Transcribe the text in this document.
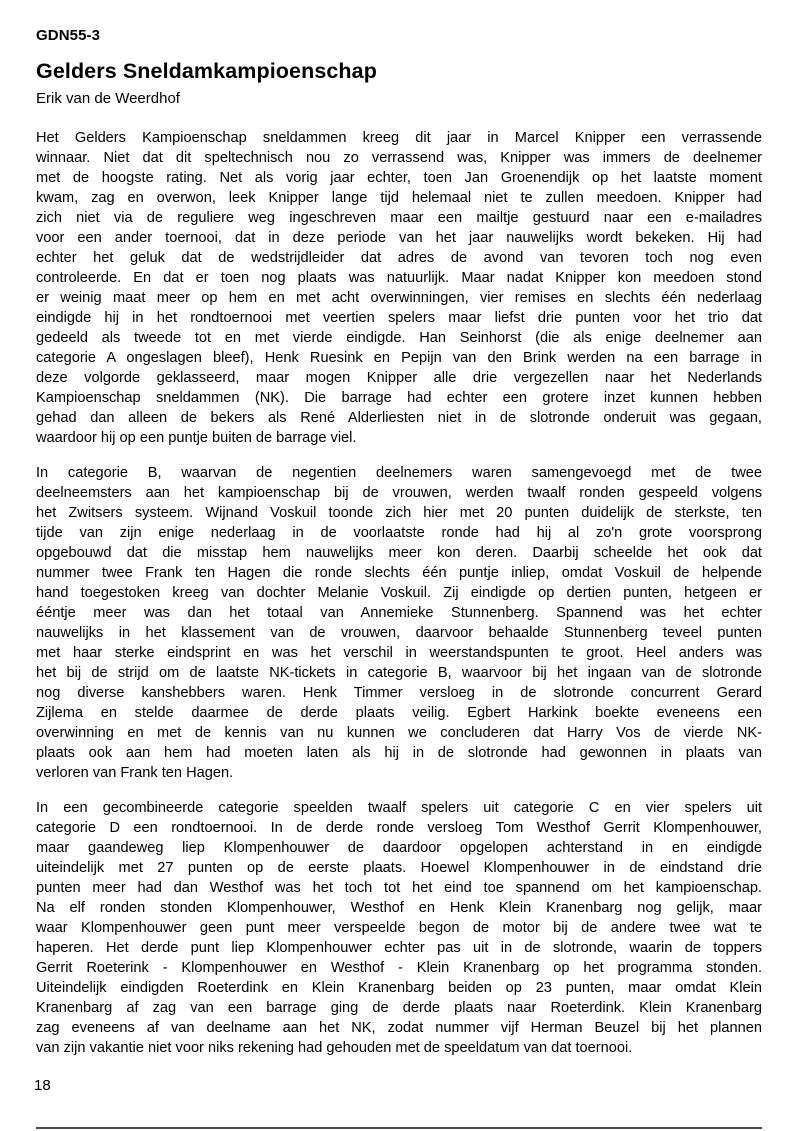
GDN55-3
Gelders Sneldamkampioenschap
Erik van de Weerdhof
Het Gelders Kampioenschap sneldammen kreeg dit jaar in Marcel Knipper een verrassende
winnaar. Niet dat dit speltechnisch nou zo verrassend was, Knipper was immers de deelnemer
met de hoogste rating. Net als vorig jaar echter, toen Jan Groenendijk op het laatste moment
kwam, zag en overwon, leek Knipper lange tijd helemaal niet te zullen meedoen. Knipper had
zich niet via de reguliere weg ingeschreven maar een mailtje gestuurd naar een e-mailadres
voor een ander toernooi, dat in deze periode van het jaar nauwelijks wordt bekeken. Hij had
echter het geluk dat de wedstrijdleider dat adres de avond van tevoren toch nog even
controleerde. En dat er toen nog plaats was natuurlijk. Maar nadat Knipper kon meedoen stond
er weinig maat meer op hem en met acht overwinningen, vier remises en slechts één nederlaag
eindigde hij in het rondtoernooi met veertien spelers maar liefst drie punten voor het trio dat
gedeeld als tweede tot en met vierde eindigde. Han Seinhorst (die als enige deelnemer aan
categorie A ongeslagen bleef), Henk Ruesink en Pepijn van den Brink werden na een barrage in
deze volgorde geklasseerd, maar mogen Knipper alle drie vergezellen naar het Nederlands
Kampioenschap sneldammen (NK). Die barrage had echter een grotere inzet kunnen hebben
gehad dan alleen de bekers als René Alderliesten niet in de slotronde onderuit was gegaan,
waardoor hij op een puntje buiten de barrage viel.
In categorie B, waarvan de negentien deelnemers waren samengevoegd met de twee
deelneemsters aan het kampioenschap bij de vrouwen, werden twaalf ronden gespeeld volgens
het Zwitsers systeem. Wijnand Voskuil toonde zich hier met 20 punten duidelijk de sterkste, ten
tijde van zijn enige nederlaag in de voorlaatste ronde had hij al zo'n grote voorsprong
opgebouwd dat die misstap hem nauwelijks meer kon deren. Daarbij scheelde het ook dat
nummer twee Frank ten Hagen die ronde slechts één puntje inliep, omdat Voskuil de helpende
hand toegestoken kreeg van dochter Melanie Voskuil. Zij eindigde op dertien punten, hetgeen er
ééntje meer was dan het totaal van Annemieke Stunnenberg. Spannend was het echter
nauwelijks in het klassement van de vrouwen, daarvoor behaalde Stunnenberg teveel punten
met haar sterke eindsprint en was het verschil in weerstandspunten te groot. Heel anders was
het bij de strijd om de laatste NK-tickets in categorie B, waarvoor bij het ingaan van de slotronde
nog diverse kanshebbers waren. Henk Timmer versloeg in de slotronde concurrent Gerard
Zijlema en stelde daarmee de derde plaats veilig. Egbert Harkink boekte eveneens een
overwinning en met de kennis van nu kunnen we concluderen dat Harry Vos de vierde NK-
plaats ook aan hem had moeten laten als hij in de slotronde had gewonnen in plaats van
verloren van Frank ten Hagen.
In een gecombineerde categorie speelden twaalf spelers uit categorie C en vier spelers uit
categorie D een rondtoernooi. In de derde ronde versloeg Tom Westhof Gerrit Klompenhouwer,
maar gaandeweg liep Klompenhouwer de daardoor opgelopen achterstand in en eindigde
uiteindelijk met 27 punten op de eerste plaats. Hoewel Klompenhouwer in de eindstand drie
punten meer had dan Westhof was het toch tot het eind toe spannend om het kampioenschap.
Na elf ronden stonden Klompenhouwer, Westhof en Henk Klein Kranenbarg nog gelijk, maar
waar Klompenhouwer geen punt meer verspeelde begon de motor bij de andere twee wat te
haperen. Het derde punt liep Klompenhouwer echter pas uit in de slotronde, waarin de toppers
Gerrit Roeterink - Klompenhouwer en Westhof - Klein Kranenbarg op het programma stonden.
Uiteindelijk eindigden Roeterdink en Klein Kranenbarg beiden op 23 punten, maar omdat Klein
Kranenbarg af zag van een barrage ging de derde plaats naar Roeterdink. Klein Kranenbarg
zag eveneens af van deelname aan het NK, zodat nummer vijf Herman Beuzel bij het plannen
van zijn vakantie niet voor niks rekening had gehouden met de speeldatum van dat toernooi.
18
